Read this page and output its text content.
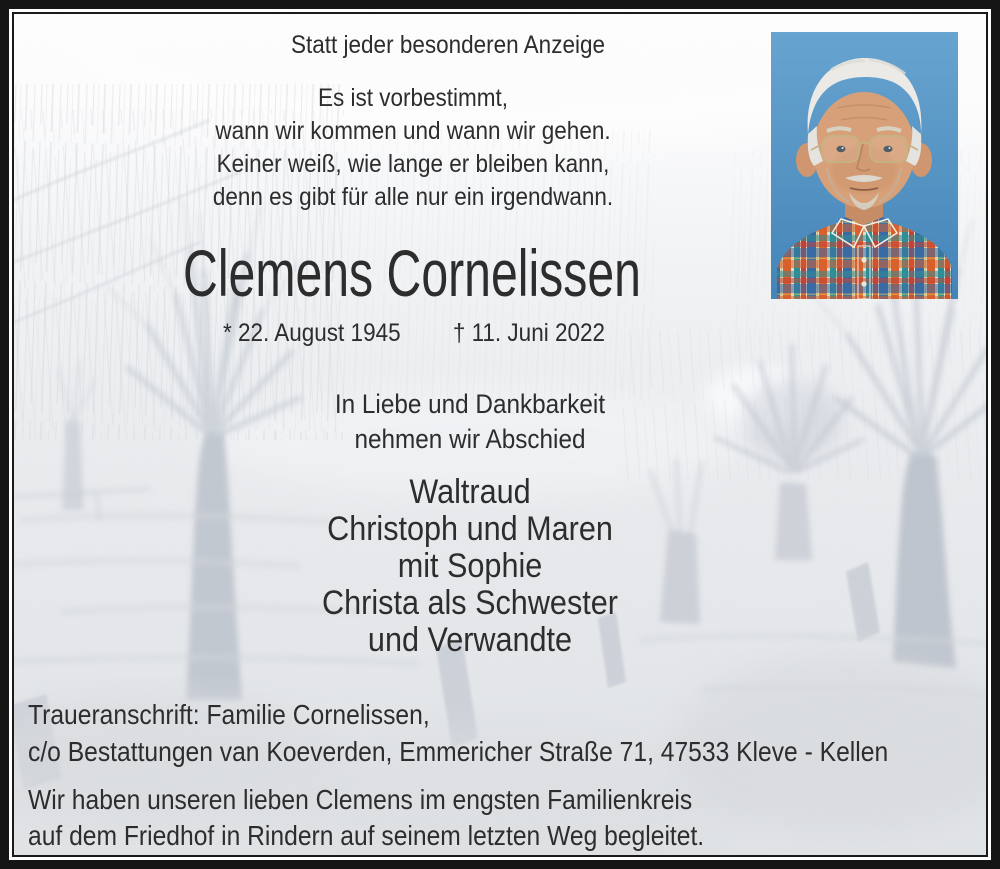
Statt jeder besonderen Anzeige
Es ist vorbestimmt,
wann wir kommen und wann wir gehen.
Keiner weiß, wie lange er bleiben kann,
denn es gibt für alle nur ein irgendwann.
Clemens Cornelissen
* 22. August 1945 † 11. Juni 2022
In Liebe und Dankbarkeit
nehmen wir Abschied
Waltraud
Christoph und Maren
mit Sophie
Christa als Schwester
und Verwandte
Traueranschrift: Familie Cornelissen,
c/o Bestattungen van Koeverden, Emmericher Straße 71, 47533 Kleve - Kellen
Wir haben unseren lieben Clemens im engsten Familienkreis
auf dem Friedhof in Rindern auf seinem letzten Weg begleitet.
